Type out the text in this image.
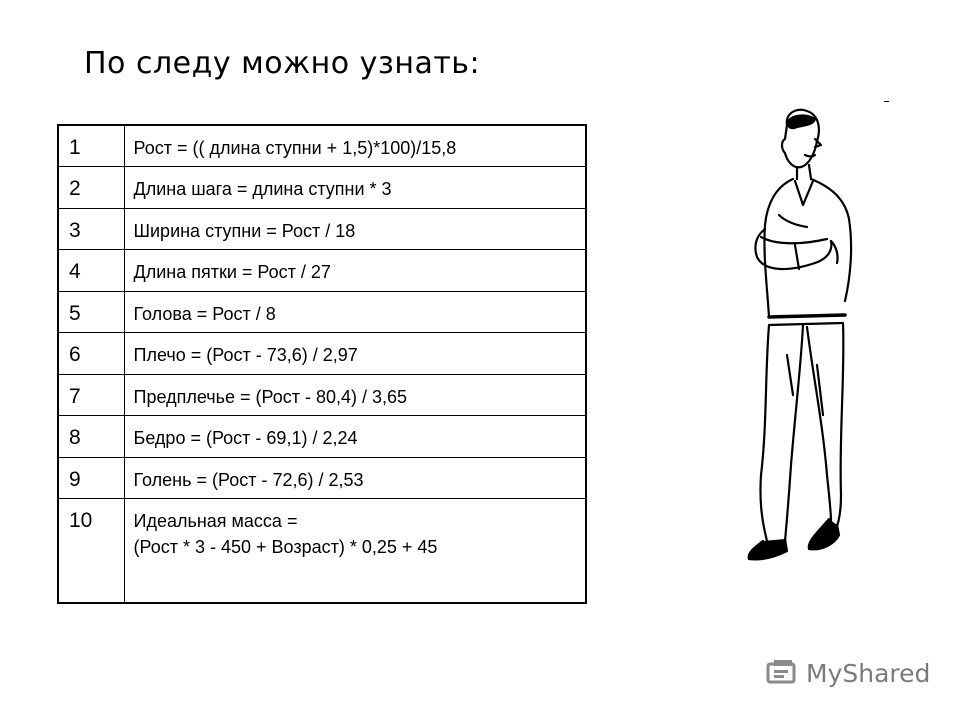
По следу можно узнать:
1	Рост = (( длина ступни + 1,5)*100)/15,8

2	Длина шага = длина ступни * 3

3	Ширина ступни = Рост / 18

4	Длина пятки = Рост / 27

5	Голова = Рост / 8

6	Плечо = (Рост - 73,6) / 2,97

7	Предплечье = (Рост - 80,4) / 3,65

8	Бедро = (Рост - 69,1) / 2,24

9	Голень = (Рост - 72,6) / 2,53

10	Идеальная масса =
(Рост * 3 - 450 + Возраст) * 0,25 + 45
MyShared
